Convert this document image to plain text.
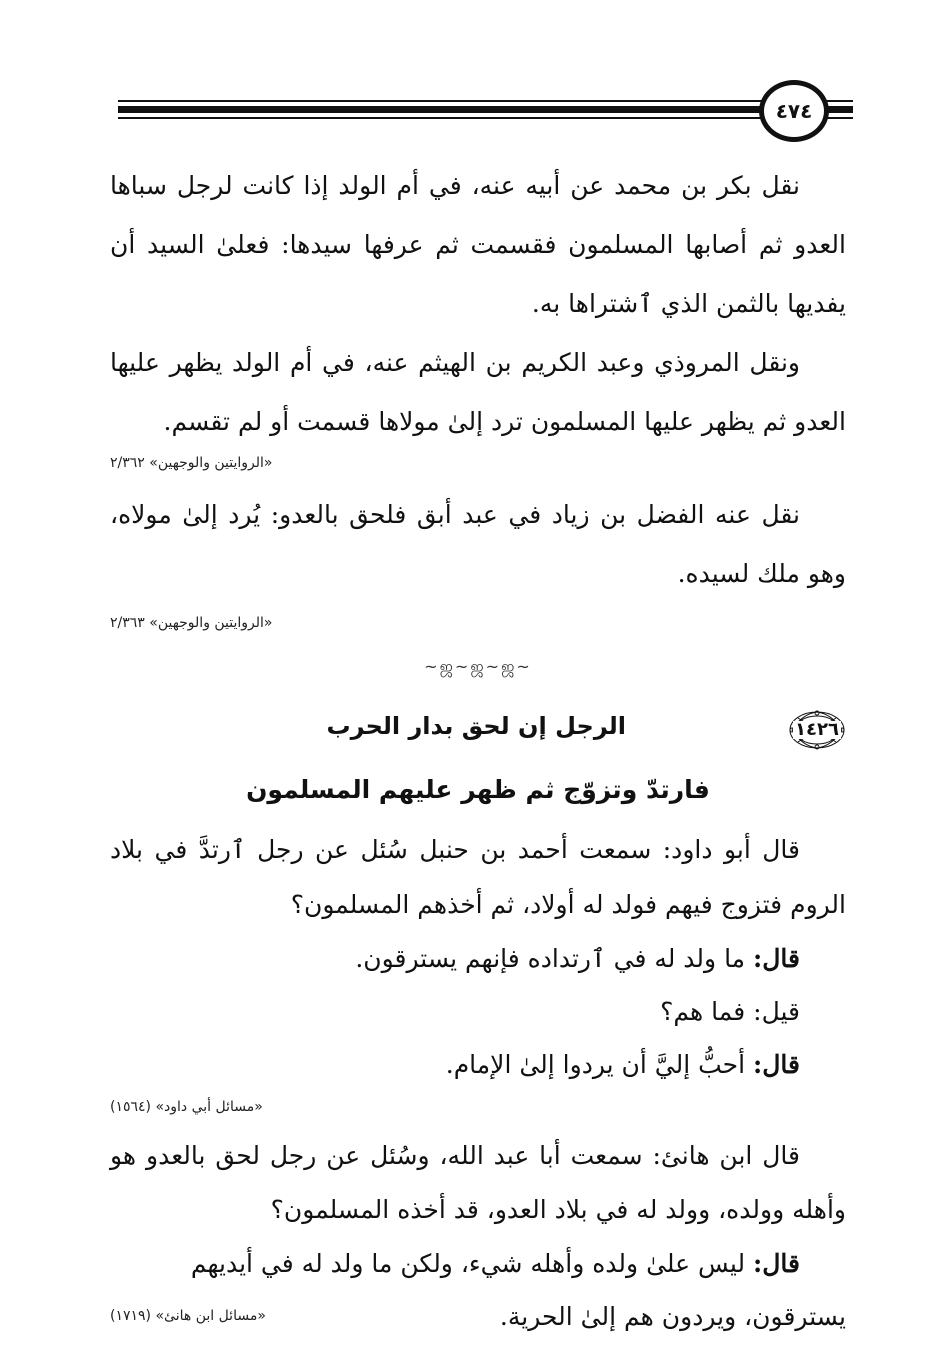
٤٧٤

نقل بكر بن محمد عن أبيه عنه، في أم الولد إذا كانت لرجل سباها العدو ثم أصابها المسلمون فقسمت ثم عرفها سيدها: فعلىٰ السيد أن يفديها بالثمن الذي ٱشتراها به.

ونقل المروذي وعبد الكريم بن الهيثم عنه، في أم الولد يظهر عليها العدو ثم يظهر عليها المسلمون ترد إلىٰ مولاها قسمت أو لم تقسم.

«الروايتين والوجهين» ٢/٣٦٢

نقل عنه الفضل بن زياد في عبد أبق فلحق بالعدو: يُرد إلىٰ مولاه، وهو ملك لسيده.

«الروايتين والوجهين» ٢/٣٦٣

~ஜ~ஜ~ஜ~
١٤٢٦
الرجل إن لحق بدار الحرب
فارتدّ وتزوّج ثم ظهر عليهم المسلمون

قال أبو داود: سمعت أحمد بن حنبل سُئل عن رجل ٱرتدَّ في بلاد الروم فتزوج فيهم فولد له أولاد، ثم أخذهم المسلمون؟

قال: ما ولد له في ٱرتداده فإنهم يسترقون.

قيل: فما هم؟

قال: أحبُّ إليَّ أن يردوا إلىٰ الإمام.

«مسائل أبي داود» (١٥٦٤)

قال ابن هانئ: سمعت أبا عبد الله، وسُئل عن رجل لحق بالعدو هو وأهله وولده، وولد له في بلاد العدو، قد أخذه المسلمون؟

قال: ليس علىٰ ولده وأهله شيء، ولكن ما ولد له في أيديهم

يسترقون، ويردون هم إلىٰ الحرية.
«مسائل ابن هانئ» (١٧١٩)
